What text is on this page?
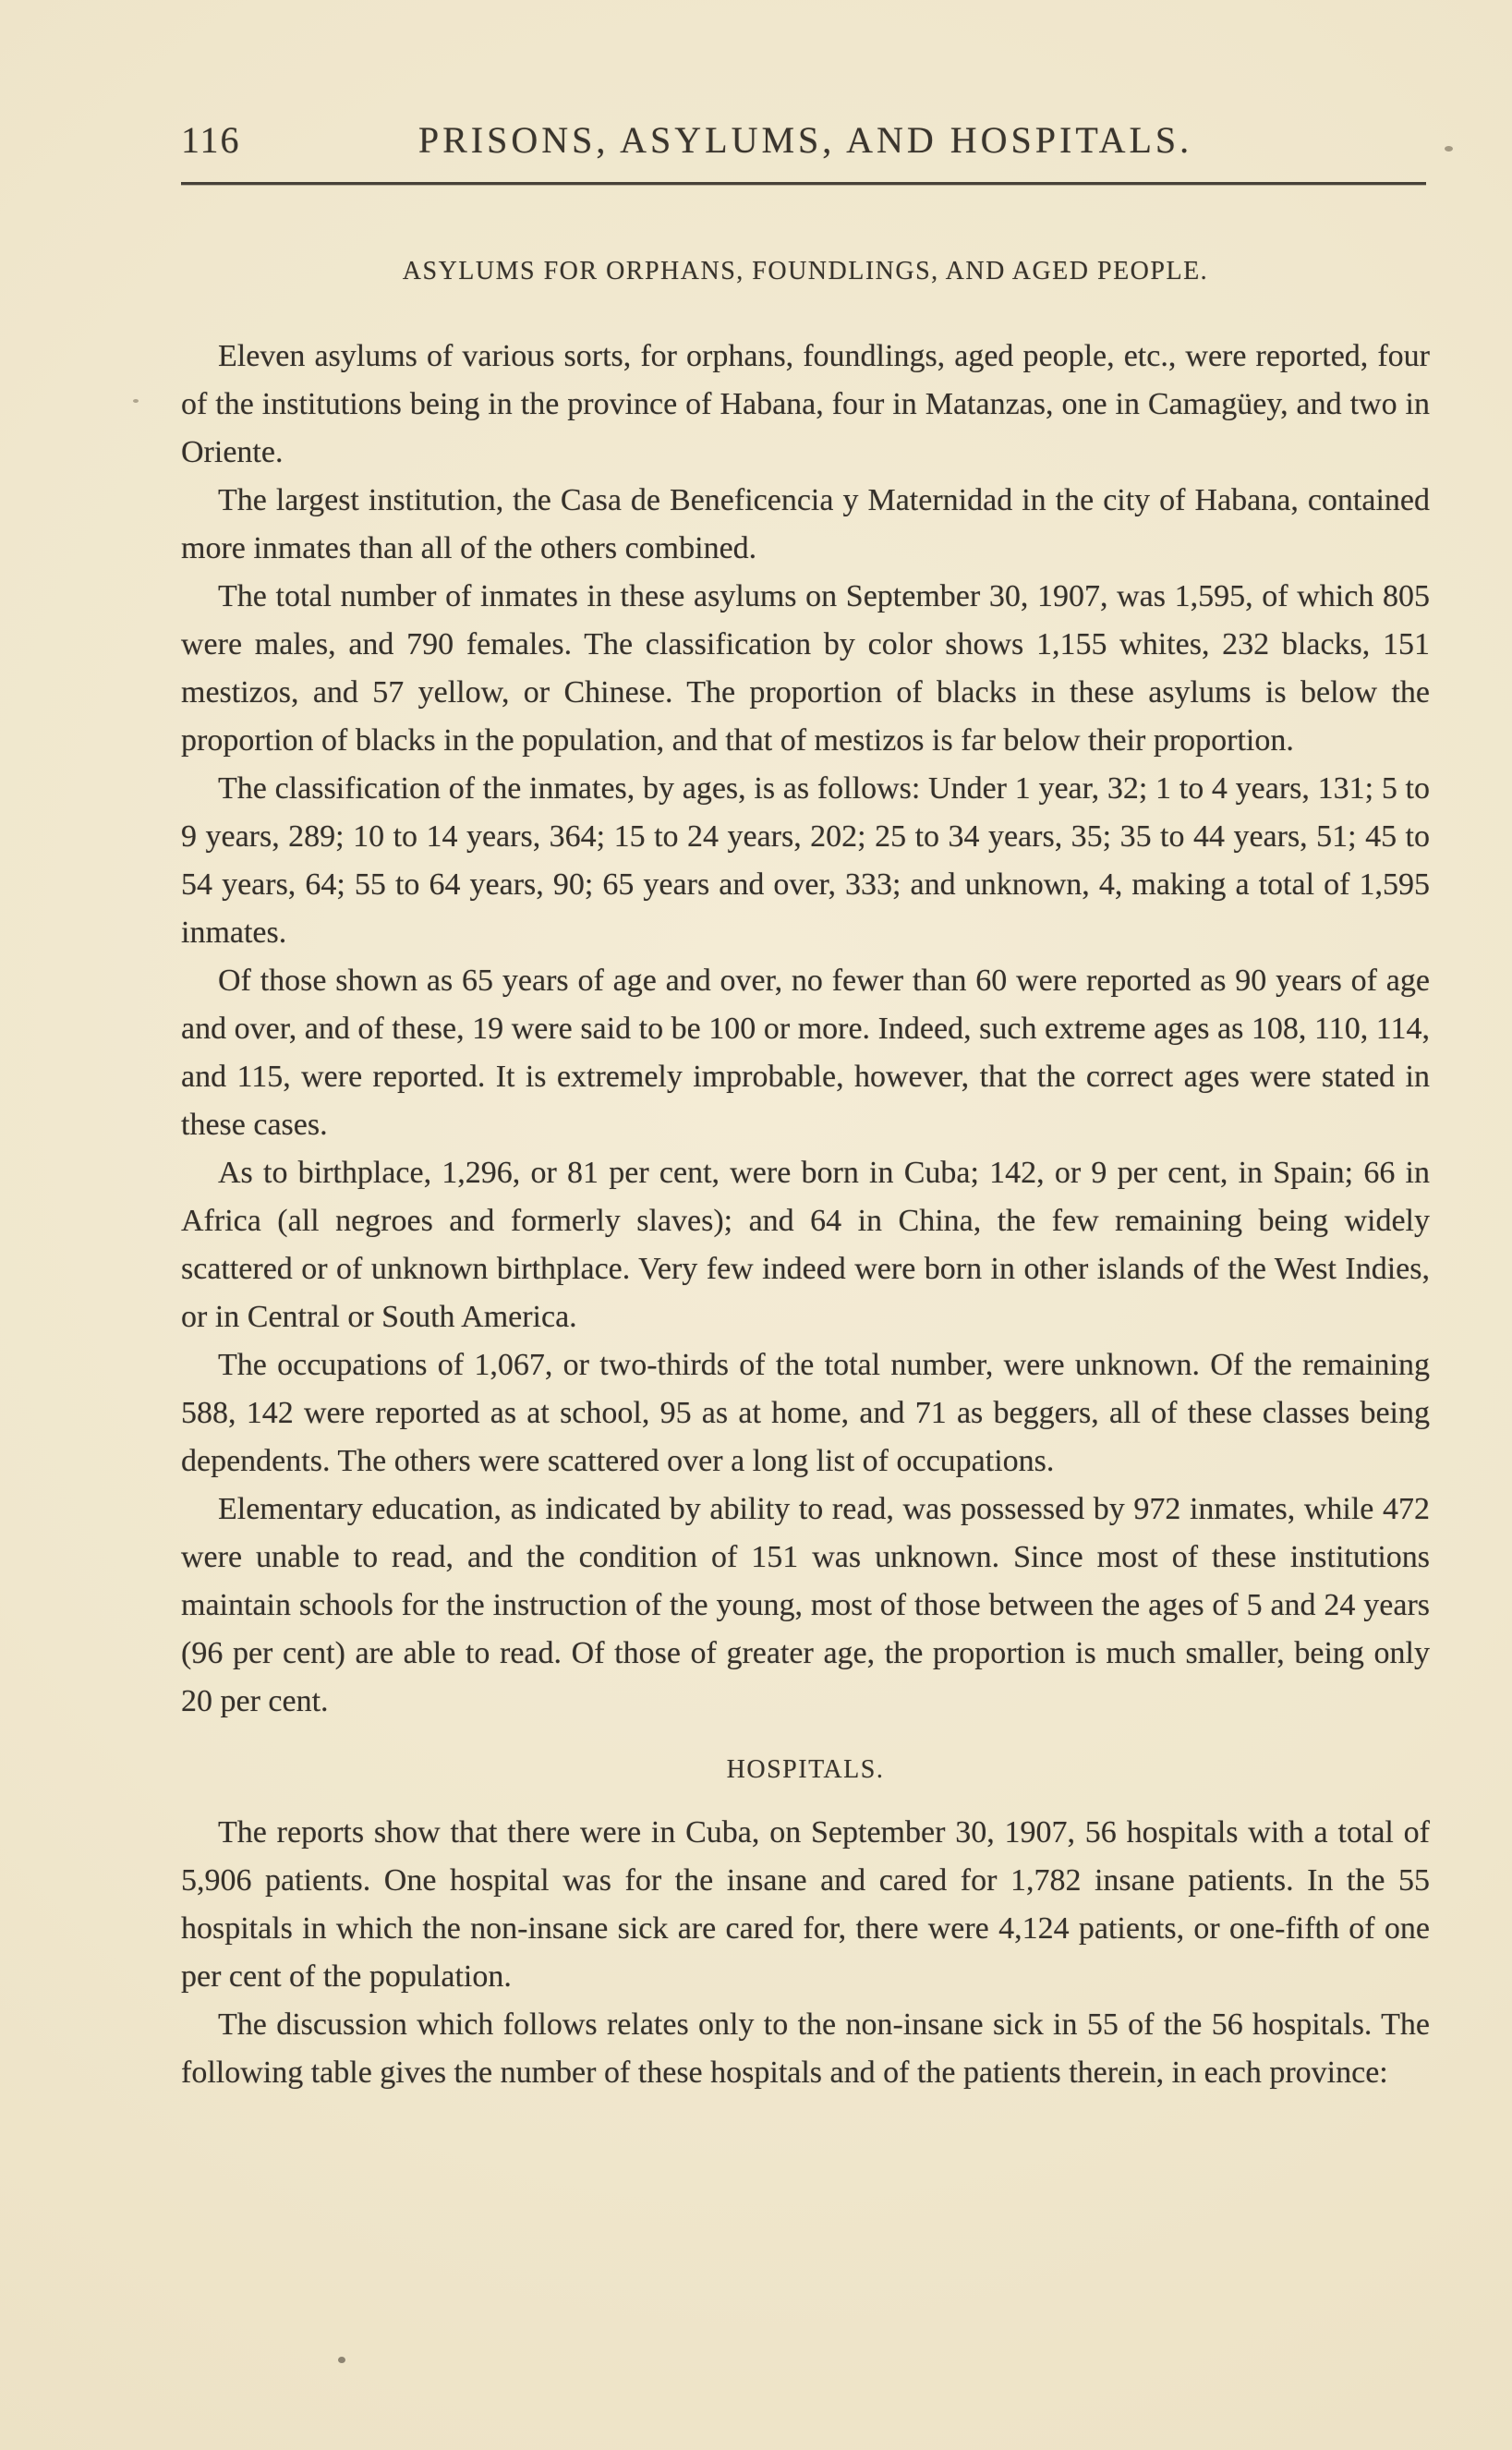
116	PRISONS, ASYLUMS, AND HOSPITALS.
ASYLUMS FOR ORPHANS, FOUNDLINGS, AND AGED PEOPLE.

Eleven asylums of various sorts, for orphans, foundlings, aged people, etc., were reported, four of the institutions being in the province of Habana, four in Matanzas, one in Camagüey, and two in Oriente.

The largest institution, the Casa de Beneficencia y Maternidad in the city of Habana, contained more inmates than all of the others combined.

The total number of inmates in these asylums on September 30, 1907, was 1,595, of which 805 were males, and 790 females. The classification by color shows 1,155 whites, 232 blacks, 151 mestizos, and 57 yellow, or Chinese. The proportion of blacks in these asylums is below the proportion of blacks in the population, and that of mestizos is far below their proportion.

The classification of the inmates, by ages, is as follows: Under 1 year, 32; 1 to 4 years, 131; 5 to 9 years, 289; 10 to 14 years, 364; 15 to 24 years, 202; 25 to 34 years, 35; 35 to 44 years, 51; 45 to 54 years, 64; 55 to 64 years, 90; 65 years and over, 333; and unknown, 4, making a total of 1,595 inmates.

Of those shown as 65 years of age and over, no fewer than 60 were reported as 90 years of age and over, and of these, 19 were said to be 100 or more. Indeed, such extreme ages as 108, 110, 114, and 115, were reported. It is extremely improbable, however, that the correct ages were stated in these cases.

As to birthplace, 1,296, or 81 per cent, were born in Cuba; 142, or 9 per cent, in Spain; 66 in Africa (all negroes and formerly slaves); and 64 in China, the few remaining being widely scattered or of unknown birthplace. Very few indeed were born in other islands of the West Indies, or in Central or South America.

The occupations of 1,067, or two-thirds of the total number, were unknown. Of the remaining 588, 142 were reported as at school, 95 as at home, and 71 as beggers, all of these classes being dependents. The others were scattered over a long list of occupations.

Elementary education, as indicated by ability to read, was possessed by 972 inmates, while 472 were unable to read, and the condition of 151 was unknown. Since most of these institutions maintain schools for the instruction of the young, most of those between the ages of 5 and 24 years (96 per cent) are able to read. Of those of greater age, the proportion is much smaller, being only 20 per cent.

HOSPITALS.

The reports show that there were in Cuba, on September 30, 1907, 56 hospitals with a total of 5,906 patients. One hospital was for the insane and cared for 1,782 insane patients. In the 55 hospitals in which the non-insane sick are cared for, there were 4,124 patients, or one-fifth of one per cent of the population.

The discussion which follows relates only to the non-insane sick in 55 of the 56 hospitals. The following table gives the number of these hospitals and of the patients therein, in each province:
